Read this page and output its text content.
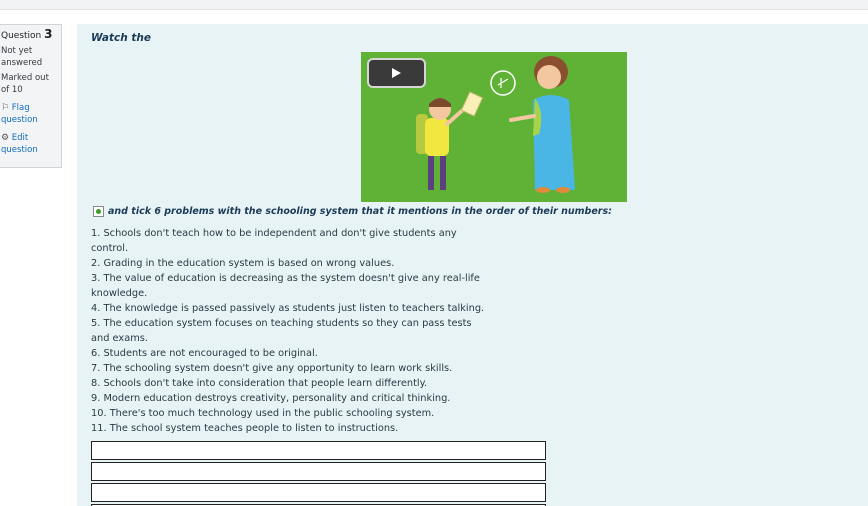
Question 3
Not yet answered
Marked out of 10
⚐ Flag question
⚙ Edit question
Watch the
and tick 6 problems with the schooling system that it mentions in the order of their numbers:

1. Schools don't teach how to be independent and don't give students any control.

2. Grading in the education system is based on wrong values.

3. The value of education is decreasing as the system doesn't give any real-life knowledge.

4. The knowledge is passed passively as students just listen to teachers talking.

5. The education system focuses on teaching students so they can pass tests and exams.

6. Students are not encouraged to be original.

7. The schooling system doesn't give any opportunity to learn work skills.

8. Schools don't take into consideration that people learn differently.

9. Modern education destroys creativity, personality and critical thinking.

10. There's too much technology used in the public schooling system.

11. The school system teaches people to listen to instructions.
